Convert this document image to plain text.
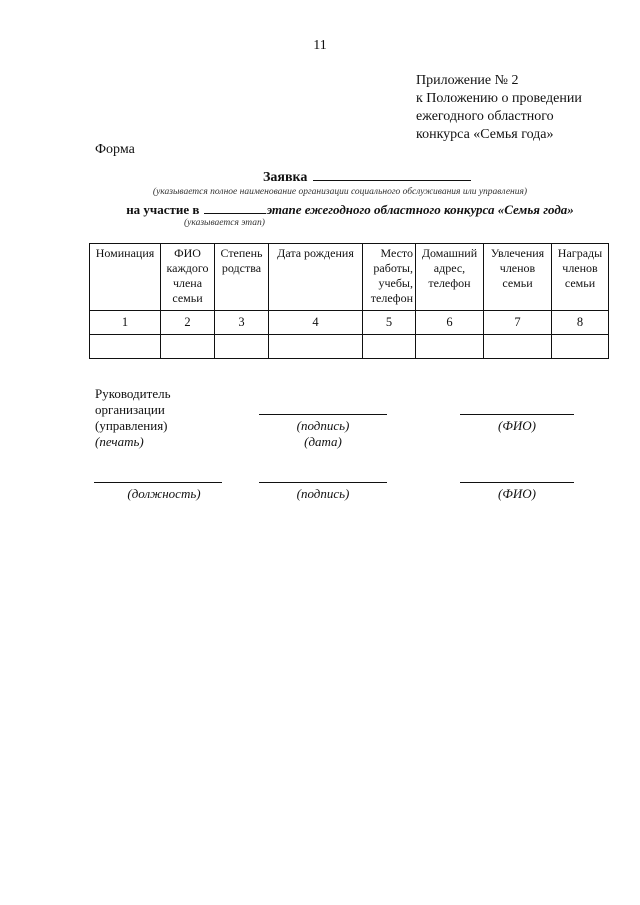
11
Приложение № 2
к Положению о проведении
ежегодного областного
конкурса «Семья года»
Форма
Заявка
(указывается полное наименование организации социального обслуживания или управления)
на участие в	этапе ежегодного областного конкурса «Семья года»
(указывается этап)
Номинация	ФИО каждого члена семьи	Степень родства	Дата рождения	Место работы, учебы, телефон	Домашний адрес, телефон	Увлечения членов семьи	Награды членов семьи
1	2	3	4	5	6	7	8

Руководитель
организации
(управления)
(печать)
(подпись)
(дата)
(ФИО)
(должность)	(подпись)	(ФИО)
